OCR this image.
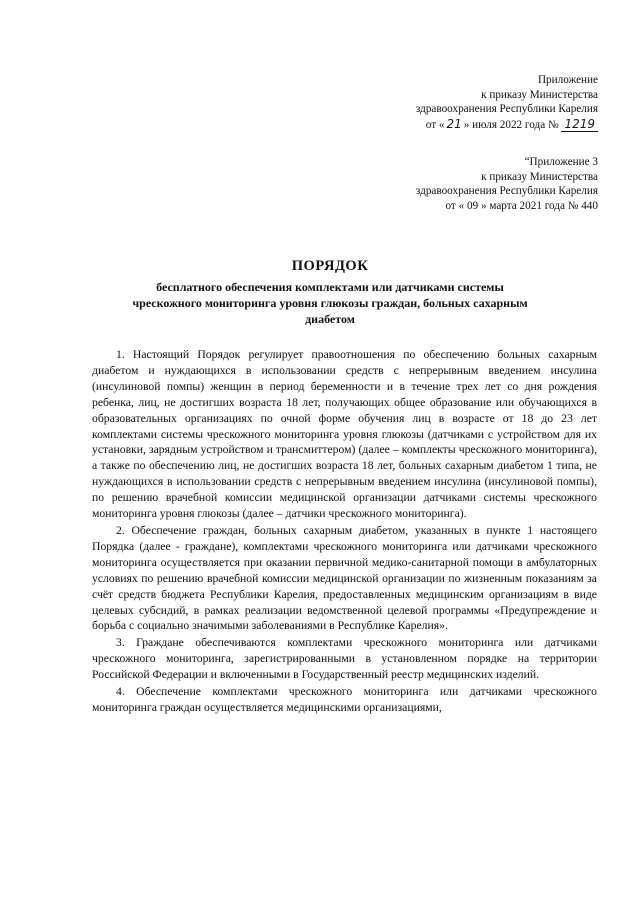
Приложение
к приказу Министерства
здравоохранения Республики Карелия
от « 21 » июля 2022 года № 1219
“Приложение 3
к приказу Министерства
здравоохранения Республики Карелия
от « 09 » марта 2021 года № 440
ПОРЯДОК
бесплатного обеспечения комплектами или датчиками системы
чрескожного мониторинга уровня глюкозы граждан, больных сахарным
диабетом

1. Настоящий Порядок регулирует правоотношения по обеспечению больных сахарным диабетом и нуждающихся в использовании средств с непрерывным введением инсулина (инсулиновой помпы) женщин в период беременности и в течение трех лет со дня рождения ребенка, лиц, не достигших возраста 18 лет, получающих общее образование или обучающихся в образовательных организациях по очной форме обучения лиц в возрасте от 18 до 23 лет комплектами системы чрескожного мониторинга уровня глюкозы (датчиками с устройством для их установки, зарядным устройством и трансмиттером) (далее – комплекты чрескожного мониторинга), а также по обеспечению лиц, не достигших возраста 18 лет, больных сахарным диабетом 1 типа, не нуждающихся в использовании средств с непрерывным введением инсулина (инсулиновой помпы), по решению врачебной комиссии медицинской организации датчиками системы чрескожного мониторинга уровня глюкозы (далее – датчики чрескожного мониторинга).

2. Обеспечение граждан, больных сахарным диабетом, указанных в пункте 1 настоящего Порядка (далее - граждане), комплектами чрескожного мониторинга или датчиками чрескожного мониторинга осуществляется при оказании первичной медико-санитарной помощи в амбулаторных условиях по решению врачебной комиссии медицинской организации по жизненным показаниям за счёт средств бюджета Республики Карелия, предоставленных медицинским организациям в виде целевых субсидий, в рамках реализации ведомственной целевой программы «Предупреждение и борьба с социально значимыми заболеваниями в Республике Карелия».

3. Граждане обеспечиваются комплектами чрескожного мониторинга или датчиками чрескожного мониторинга, зарегистрированными в установленном порядке на территории Российской Федерации и включенными в Государственный реестр медицинских изделий.

4. Обеспечение комплектами чрескожного мониторинга или датчиками чрескожного мониторинга граждан осуществляется медицинскими организациями,
